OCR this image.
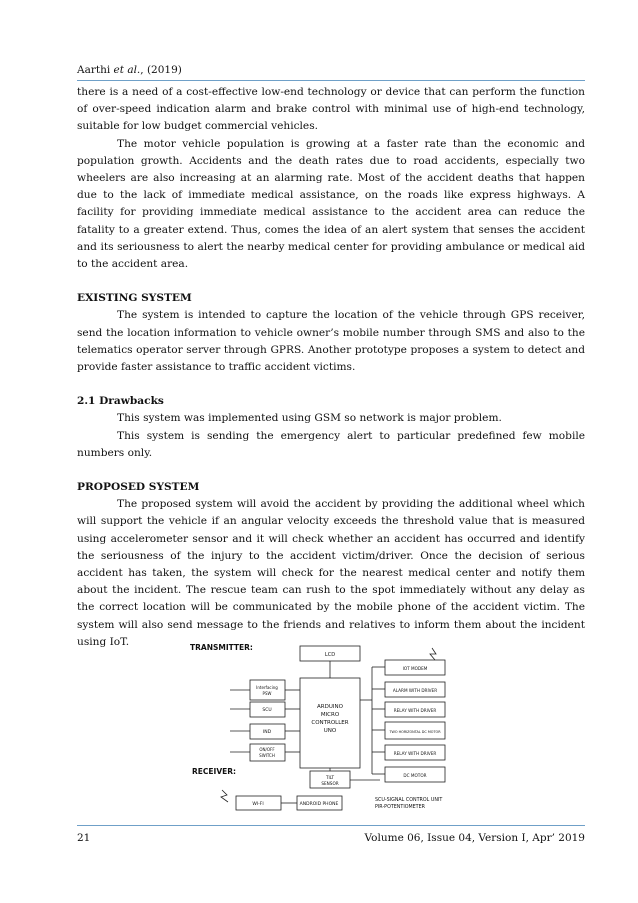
Aarthi et al., (2019)

there is a need of a cost-effective low-end technology or device that can perform the function of over-speed indication alarm and brake control with minimal use of high-end technology, suitable for low budget commercial vehicles.

The motor vehicle population is growing at a faster rate than the economic and population growth. Accidents and the death rates due to road accidents, especially two wheelers are also increasing at an alarming rate. Most of the accident deaths that happen due to the lack of immediate medical assistance, on the roads like express highways. A facility for providing immediate medical assistance to the accident area can reduce the fatality to a greater extend. Thus, comes the idea of an alert system that senses the accident and its seriousness to alert the nearby medical center for providing ambulance or medical aid to the accident area.

EXISTING SYSTEM

The system is intended to capture the location of the vehicle through GPS receiver, send the location information to vehicle owner’s mobile number through SMS and also to the telematics operator server through GPRS. Another prototype proposes a system to detect and provide faster assistance to traffic accident victims.

2.1 Drawbacks

This system was implemented using GSM so network is major problem.

This system is sending the emergency alert to particular predefined few mobile numbers only.

PROPOSED SYSTEM

The proposed system will avoid the accident by providing the additional wheel which will support the vehicle if an angular velocity exceeds the threshold value that is measured using accelerometer sensor and it will check whether an accident has occurred and identify the seriousness of the injury to the accident victim/driver. Once the decision of serious accident has taken, the system will check for the nearest medical center and notify them about the incident. The rescue team can rush to the spot immediately without any delay as the correct location will be communicated by the mobile phone of the accident victim. The system will also send message to the friends and relatives to inform them about the incident using IoT.	TRANSMITTER:
RECEIVER:
LCD
ARDUINO
MICRO
CONTROLLER
UNO
Interfacing
PSW
SCU
IND
ON/OFF
SWITCH
IOT MODEM
ALARM WITH DRIVER
RELAY WITH DRIVER
TWO HORIZONTAL DC MOTOR
RELAY WITH DRIVER
DC MOTOR
TILT
SENSOR
WI-FI	ANDROID PHONE
SCU-SIGNAL CONTROL UNIT
PIR-POTENTIOMETER
21	Volume 06, Issue 04, Version I, Apr’ 2019
